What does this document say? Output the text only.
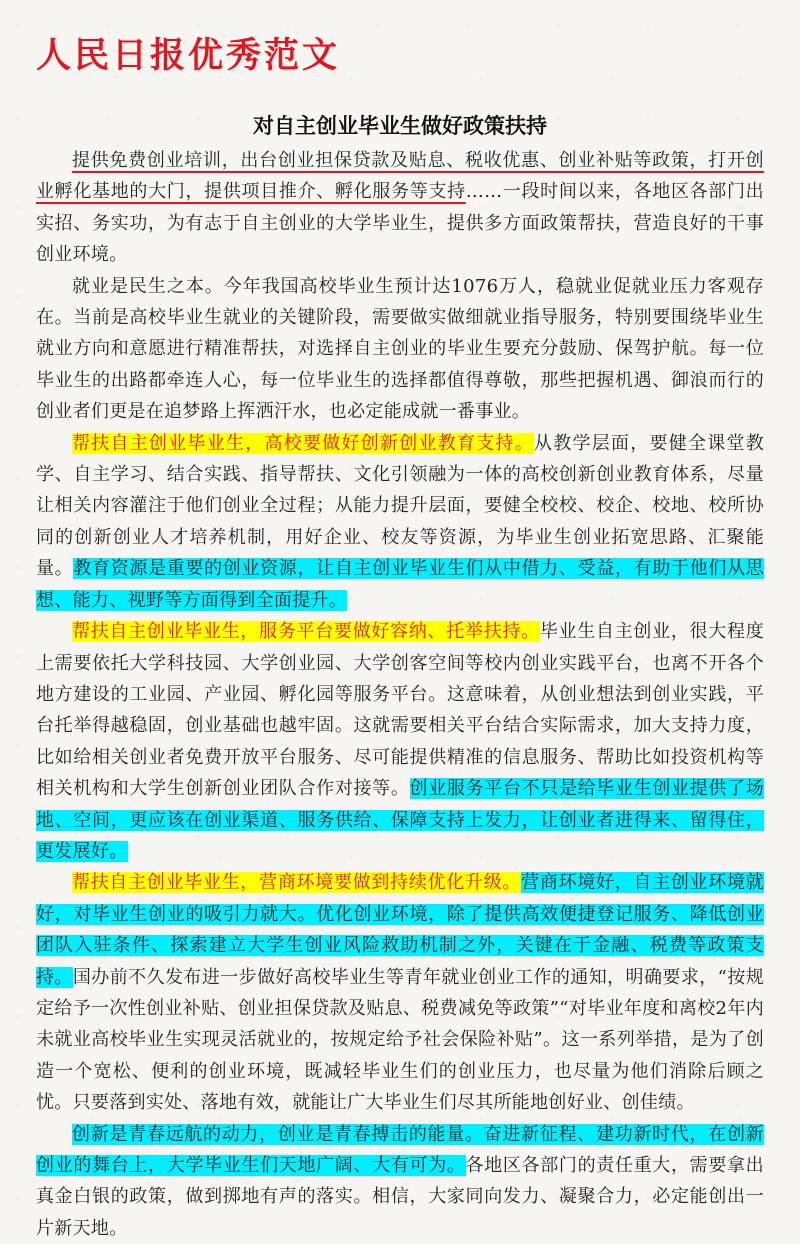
人民日报优秀范文
对自主创业毕业生做好政策扶持

提供免费创业培训，出台创业担保贷款及贴息、税收优惠、创业补贴等政策，打开创业孵化基地的大门，提供项目推介、孵化服务等支持……一段时间以来，各地区各部门出实招、务实功，为有志于自主创业的大学毕业生，提供多方面政策帮扶，营造良好的干事创业环境。

就业是民生之本。今年我国高校毕业生预计达1076万人，稳就业促就业压力客观存在。当前是高校毕业生就业的关键阶段，需要做实做细就业指导服务，特别要围绕毕业生就业方向和意愿进行精准帮扶，对选择自主创业的毕业生要充分鼓励、保驾护航。每一位毕业生的出路都牵连人心，每一位毕业生的选择都值得尊敬，那些把握机遇、御浪而行的创业者们更是在追梦路上挥洒汗水，也必定能成就一番事业。

帮扶自主创业毕业生，高校要做好创新创业教育支持。从教学层面，要健全课堂教学、自主学习、结合实践、指导帮扶、文化引领融为一体的高校创新创业教育体系，尽量让相关内容灌注于他们创业全过程；从能力提升层面，要健全校校、校企、校地、校所协同的创新创业人才培养机制，用好企业、校友等资源，为毕业生创业拓宽思路、汇聚能量。教育资源是重要的创业资源，让自主创业毕业生们从中借力、受益，有助于他们从思想、能力、视野等方面得到全面提升。

帮扶自主创业毕业生，服务平台要做好容纳、托举扶持。毕业生自主创业，很大程度上需要依托大学科技园、大学创业园、大学创客空间等校内创业实践平台，也离不开各个地方建设的工业园、产业园、孵化园等服务平台。这意味着，从创业想法到创业实践，平台托举得越稳固，创业基础也越牢固。这就需要相关平台结合实际需求，加大支持力度，比如给相关创业者免费开放平台服务、尽可能提供精准的信息服务、帮助比如投资机构等相关机构和大学生创新创业团队合作对接等。创业服务平台不只是给毕业生创业提供了场地、空间，更应该在创业渠道、服务供给、保障支持上发力，让创业者进得来、留得住，更发展好。

帮扶自主创业毕业生，营商环境要做到持续优化升级。营商环境好，自主创业环境就好，对毕业生创业的吸引力就大。优化创业环境，除了提供高效便捷登记服务、降低创业团队入驻条件、探索建立大学生创业风险救助机制之外，关键在于金融、税费等政策支持。国办前不久发布进一步做好高校毕业生等青年就业创业工作的通知，明确要求，“按规定给予一次性创业补贴、创业担保贷款及贴息、税费减免等政策”“对毕业年度和离校2年内未就业高校毕业生实现灵活就业的，按规定给予社会保险补贴”。这一系列举措，是为了创造一个宽松、便利的创业环境，既减轻毕业生们的创业压力，也尽量为他们消除后顾之忧。只要落到实处、落地有效，就能让广大毕业生们尽其所能地创好业、创佳绩。

创新是青春远航的动力，创业是青春搏击的能量。奋进新征程、建功新时代，在创新创业的舞台上，大学毕业生们天地广阔、大有可为。各地区各部门的责任重大，需要拿出真金白银的政策，做到掷地有声的落实。相信，大家同向发力、凝聚合力，必定能创出一片新天地。
